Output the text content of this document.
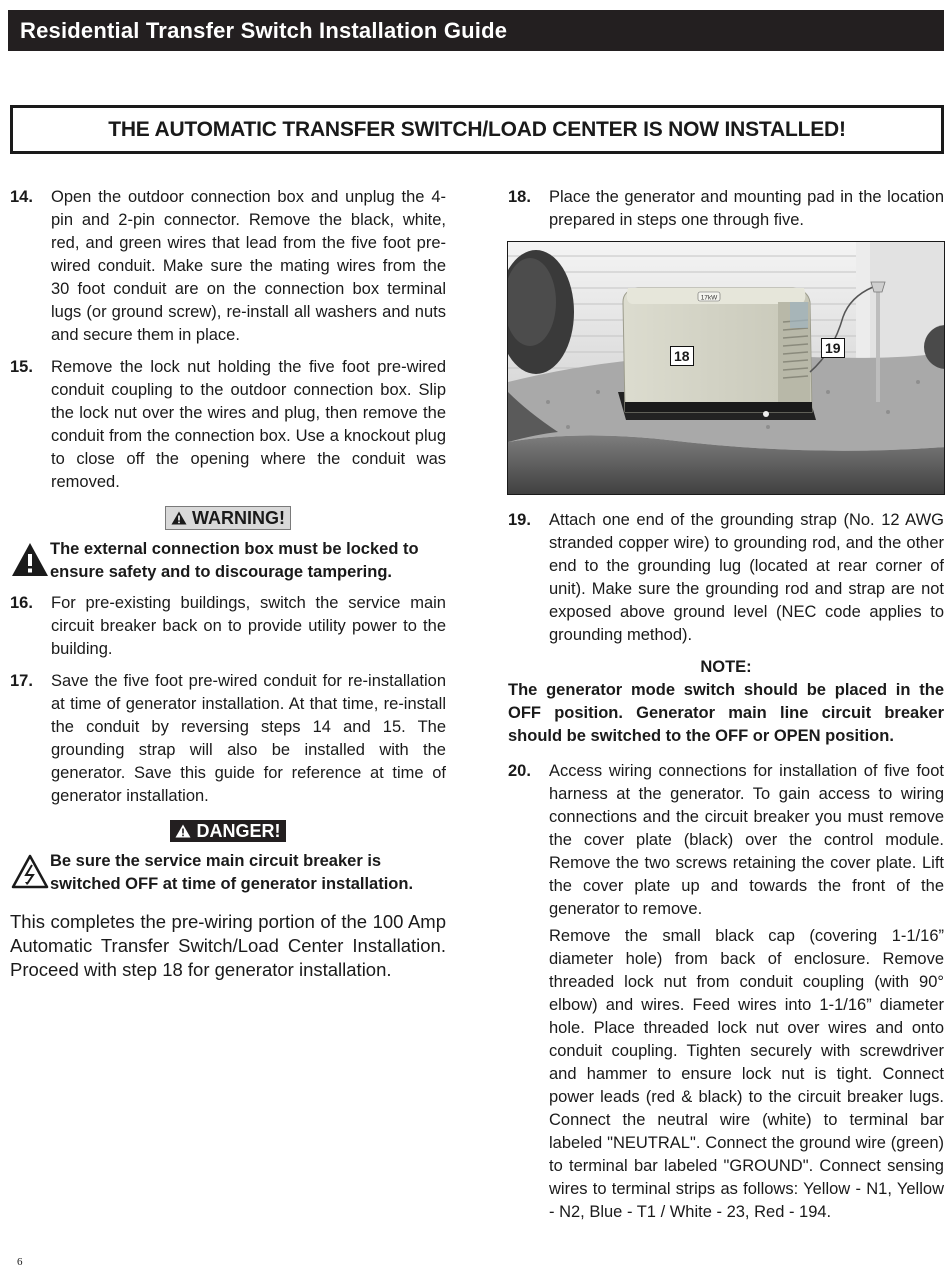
Residential Transfer Switch Installation Guide
THE AUTOMATIC TRANSFER SWITCH/LOAD CENTER IS NOW INSTALLED!
14.	Open the outdoor connection box and unplug the 4-pin and 2-pin connector. Remove the black, white, red, and green wires that lead from the five foot pre-wired conduit. Make sure the mating wires from the 30 foot conduit are on the connection box terminal lugs (or ground screw), re-install all washers and nuts and secure them in place.
15.	Remove the lock nut holding the five foot pre-wired conduit coupling to the outdoor connection box. Slip the lock nut over the wires and plug, then remove the conduit from the connection box. Use a knockout plug to close off the opening where the conduit was removed.
WARNING!
The external connection box must be locked to ensure safety and to discourage tampering.
16.	For pre-existing buildings, switch the service main circuit breaker back on to provide utility power to the building.
17.	Save the five foot pre-wired conduit for re-installation at time of generator installation. At that time, re-install the conduit by reversing steps 14 and 15. The grounding strap will also be installed with the generator. Save this guide for reference at time of generator installation.
DANGER!
Be sure the service main circuit breaker is switched OFF at time of generator installation.
This completes the pre-wiring portion of the 100 Amp Automatic Transfer Switch/Load Center Installation. Proceed with step 18 for generator installation.
18.	Place the generator and mounting pad in the location prepared in steps one through five.
17kW
18	19
19.	Attach one end of the grounding strap (No. 12 AWG stranded copper wire) to grounding rod, and the other end to the grounding lug (located at rear corner of unit). Make sure the grounding rod and strap are not exposed above ground level (NEC code applies to grounding method).
NOTE:
The generator mode switch should be placed in the OFF position. Generator main line circuit breaker should be switched to the OFF or OPEN position.
20.	Access wiring connections for installation of five foot harness at the generator. To gain access to wiring connections and the circuit breaker you must remove the cover plate (black) over the control module. Remove the two screws retaining the cover plate. Lift the cover plate up and towards the front of the generator to remove.
Remove the small black cap (covering 1-1/16” diameter hole) from back of enclosure. Remove threaded lock nut from conduit coupling (with 90° elbow) and wires. Feed wires into 1-1/16” diameter hole. Place threaded lock nut over wires and onto conduit coupling. Tighten securely with screwdriver and hammer to ensure lock nut is tight. Connect power leads (red & black) to the circuit breaker lugs. Connect the neutral wire (white) to terminal bar labeled "NEUTRAL". Connect the ground wire (green) to terminal bar labeled "GROUND". Connect sensing wires to terminal strips as follows: Yellow - N1, Yellow - N2, Blue - T1 / White - 23, Red - 194.
6
